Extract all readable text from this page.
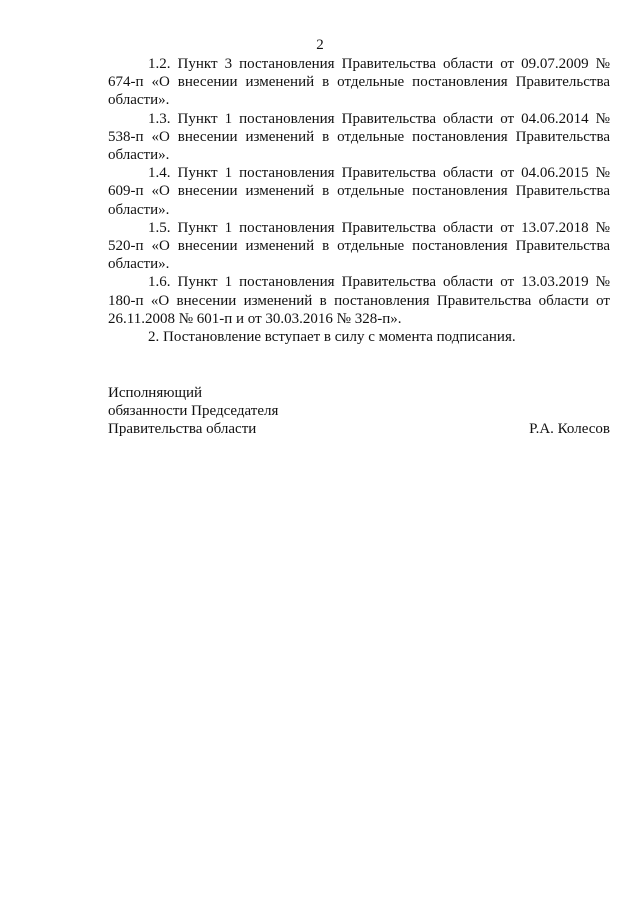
2

1.2. Пункт 3 постановления Правительства области от 09.07.2009 № 674-п «О внесении изменений в отдельные постановления Правительства области».

1.3. Пункт 1 постановления Правительства области от 04.06.2014 № 538-п «О внесении изменений в отдельные постановления Правительства области».

1.4. Пункт 1 постановления Правительства области от 04.06.2015 № 609-п «О внесении изменений в отдельные постановления Правительства области».

1.5. Пункт 1 постановления Правительства области от 13.07.2018 № 520-п «О внесении изменений в отдельные постановления Правительства области».

1.6. Пункт 1 постановления Правительства области от 13.03.2019 № 180-п «О внесении изменений в постановления Правительства области от 26.11.2008 № 601-п и от 30.03.2016 № 328-п».

2. Постановление вступает в силу с момента подписания.

Исполняющий
обязанности Председателя
Правительства области	Р.А. Колесов
